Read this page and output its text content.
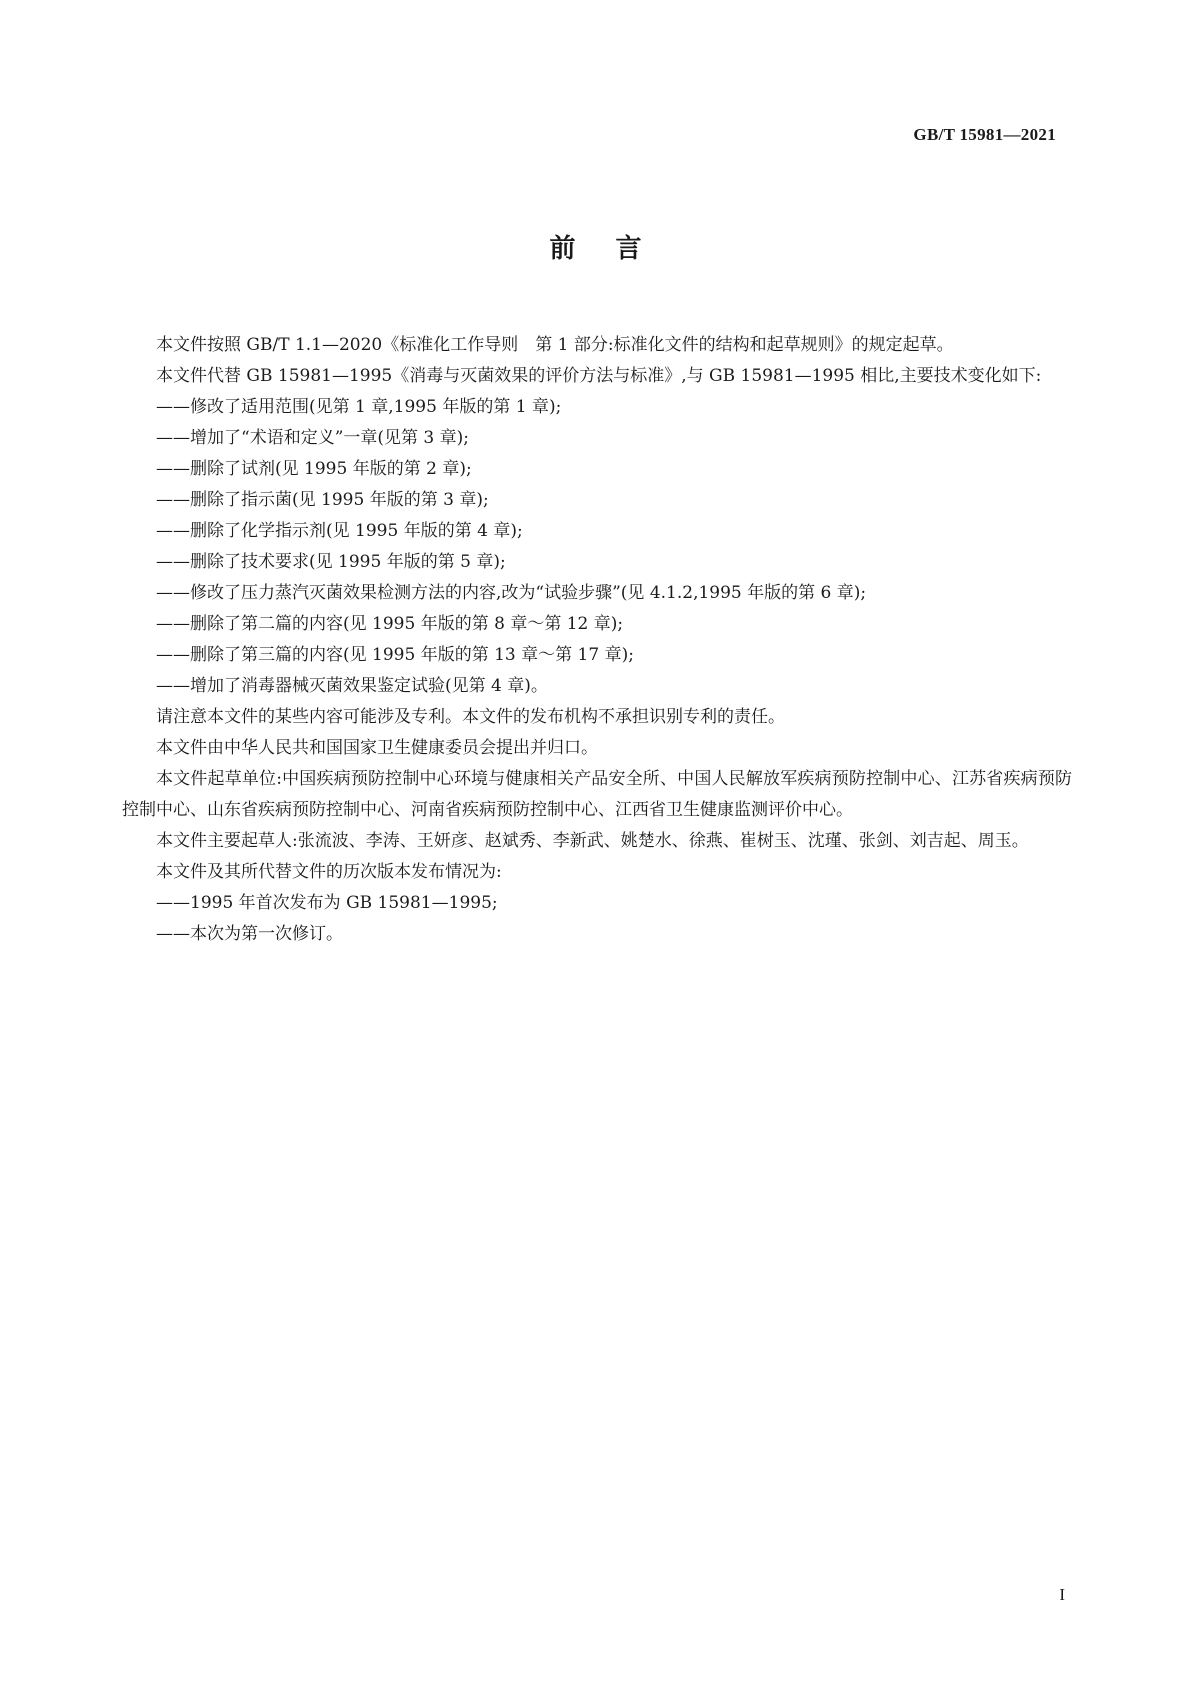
GB/T 15981—2021
前言

本文件按照 GB/T 1.1—2020《标准化工作导则　第 1 部分:标准化文件的结构和起草规则》的规定起草。

本文件代替 GB 15981—1995《消毒与灭菌效果的评价方法与标准》,与 GB 15981—1995 相比,主要技术变化如下:

——修改了适用范围(见第 1 章,1995 年版的第 1 章);

——增加了“术语和定义”一章(见第 3 章);

——删除了试剂(见 1995 年版的第 2 章);

——删除了指示菌(见 1995 年版的第 3 章);

——删除了化学指示剂(见 1995 年版的第 4 章);

——删除了技术要求(见 1995 年版的第 5 章);

——修改了压力蒸汽灭菌效果检测方法的内容,改为“试验步骤”(见 4.1.2,1995 年版的第 6 章);

——删除了第二篇的内容(见 1995 年版的第 8 章～第 12 章);

——删除了第三篇的内容(见 1995 年版的第 13 章～第 17 章);

——增加了消毒器械灭菌效果鉴定试验(见第 4 章)。

请注意本文件的某些内容可能涉及专利。本文件的发布机构不承担识别专利的责任。

本文件由中华人民共和国国家卫生健康委员会提出并归口。

本文件起草单位:中国疾病预防控制中心环境与健康相关产品安全所、中国人民解放军疾病预防控制中心、江苏省疾病预防控制中心、山东省疾病预防控制中心、河南省疾病预防控制中心、江西省卫生健康监测评价中心。

本文件主要起草人:张流波、李涛、王妍彦、赵斌秀、李新武、姚楚水、徐燕、崔树玉、沈瑾、张剑、刘吉起、周玉。

本文件及其所代替文件的历次版本发布情况为:

——1995 年首次发布为 GB 15981—1995;

——本次为第一次修订。

I
